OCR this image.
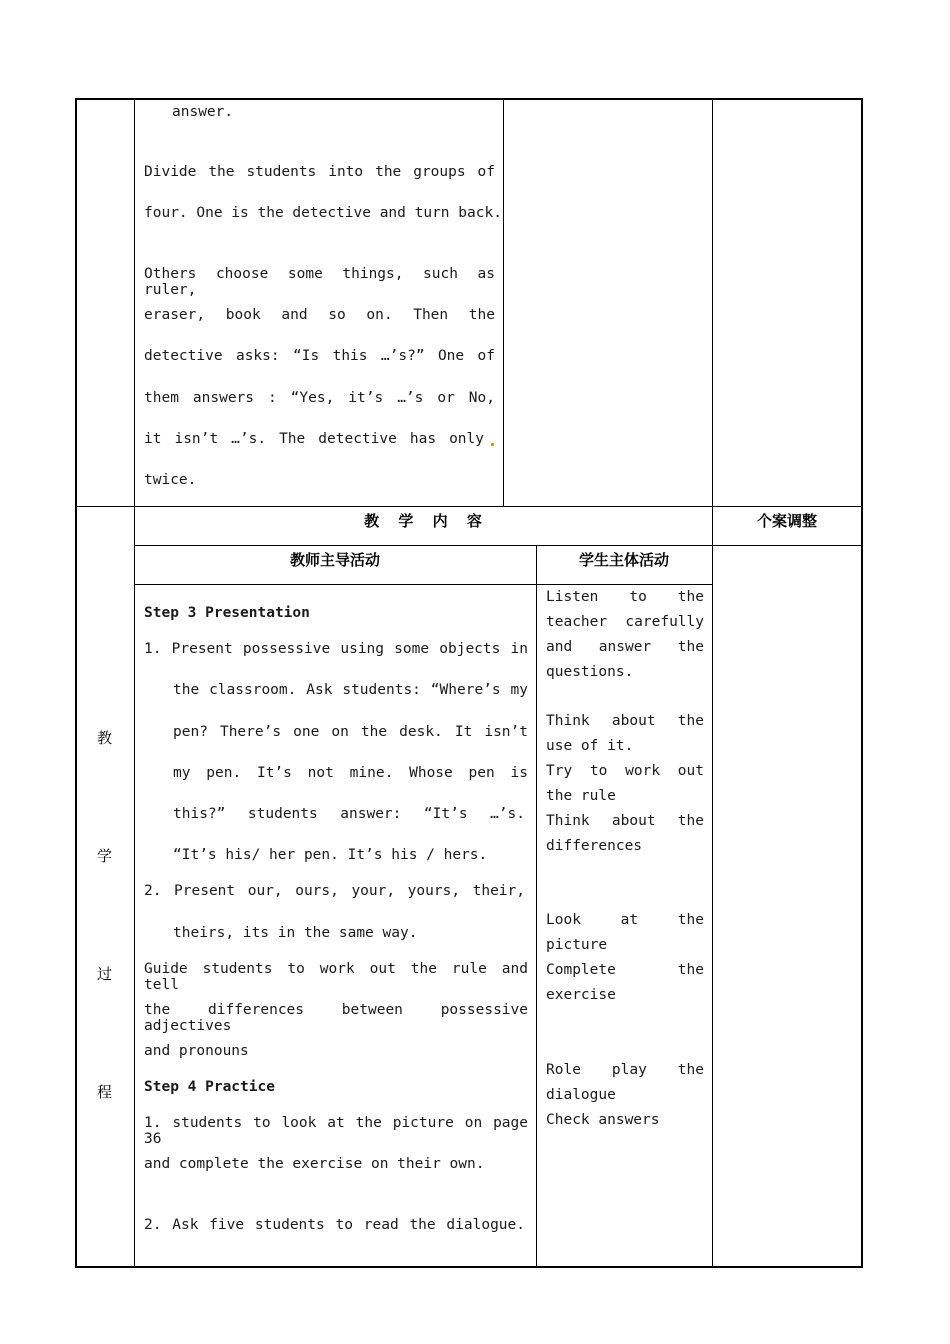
answer.
Divide the students into the groups of
four. One is the detective and turn back.
Others choose some things, such as ruler,
eraser, book and so on. Then the
detective asks: “Is this …’s?” One of
them answers : “Yes, it’s …’s or No,
it isn’t …’s. The detective has only
twice.
教 学 内 容	个案调整
教师主导活动	学生主体活动
教
学
过
程
Step 3 Presentation
1. Present possessive using some objects in
the classroom. Ask students: “Where’s my
pen? There’s one on the desk. It isn’t
my pen. It’s not mine. Whose pen is
this?” students answer: “It’s …’s.
“It’s his/ her pen. It’s his / hers.
2. Present our, ours, your, yours, their,
theirs, its in the same way.
Guide students to work out the rule and tell
the differences between possessive adjectives
and pronouns
Step 4 Practice
1. students to look at the picture on page 36
and complete the exercise on their own.
2. Ask five students to read the dialogue.
Listen to the
teacher carefully
and answer the
questions.
Think about the
use of it.
Try to work out
the rule
Think about the
differences
Look at the
picture
Complete the
exercise
Role play the
dialogue
Check answers
